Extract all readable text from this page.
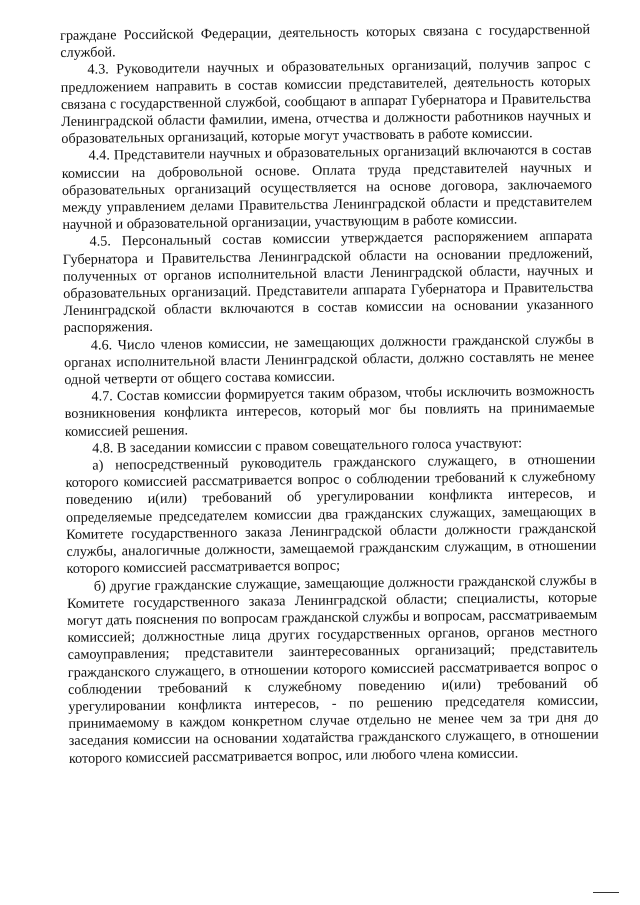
граждане Российской Федерации, деятельность которых связана с государственной службой.

4.3. Руководители научных и образовательных организаций, получив запрос с предложением направить в состав комиссии представителей, деятельность которых связана с государственной службой, сообщают в аппарат Губернатора и Правительства Ленинградской области фамилии, имена, отчества и должности работников научных и образовательных организаций, которые могут участвовать в работе комиссии.

4.4. Представители научных и образовательных организаций включаются в состав комиссии на добровольной основе. Оплата труда представителей научных и образовательных организаций осуществляется на основе договора, заключаемого между управлением делами Правительства Ленинградской области и представителем научной и образовательной организации, участвующим в работе комиссии.

4.5. Персональный состав комиссии утверждается распоряжением аппарата Губернатора и Правительства Ленинградской области на основании предложений, полученных от органов исполнительной власти Ленинградской области, научных и образовательных организаций. Представители аппарата Губернатора и Правительства Ленинградской области включаются в состав комиссии на основании указанного распоряжения.

4.6. Число членов комиссии, не замещающих должности гражданской службы в органах исполнительной власти Ленинградской области, должно составлять не менее одной четверти от общего состава комиссии.

4.7. Состав комиссии формируется таким образом, чтобы исключить возможность возникновения конфликта интересов, который мог бы повлиять на принимаемые комиссией решения.

4.8. В заседании комиссии с правом совещательного голоса участвуют:

а) непосредственный руководитель гражданского служащего, в отношении которого комиссией рассматривается вопрос о соблюдении требований к служебному поведению и(или) требований об урегулировании конфликта интересов, и определяемые председателем комиссии два гражданских служащих, замещающих в Комитете государственного заказа Ленинградской области должности гражданской службы, аналогичные должности, замещаемой гражданским служащим, в отношении которого комиссией рассматривается вопрос;

б) другие гражданские служащие, замещающие должности гражданской службы в Комитете государственного заказа Ленинградской области; специалисты, которые могут дать пояснения по вопросам гражданской службы и вопросам, рассматриваемым комиссией; должностные лица других государственных органов, органов местного самоуправления; представители заинтересованных организаций; представитель гражданского служащего, в отношении которого комиссией рассматривается вопрос о соблюдении требований к служебному поведению и(или) требований об урегулировании конфликта интересов, - по решению председателя комиссии, принимаемому в каждом конкретном случае отдельно не менее чем за три дня до заседания комиссии на основании ходатайства гражданского служащего, в отношении которого комиссией рассматривается вопрос, или любого члена комиссии.
